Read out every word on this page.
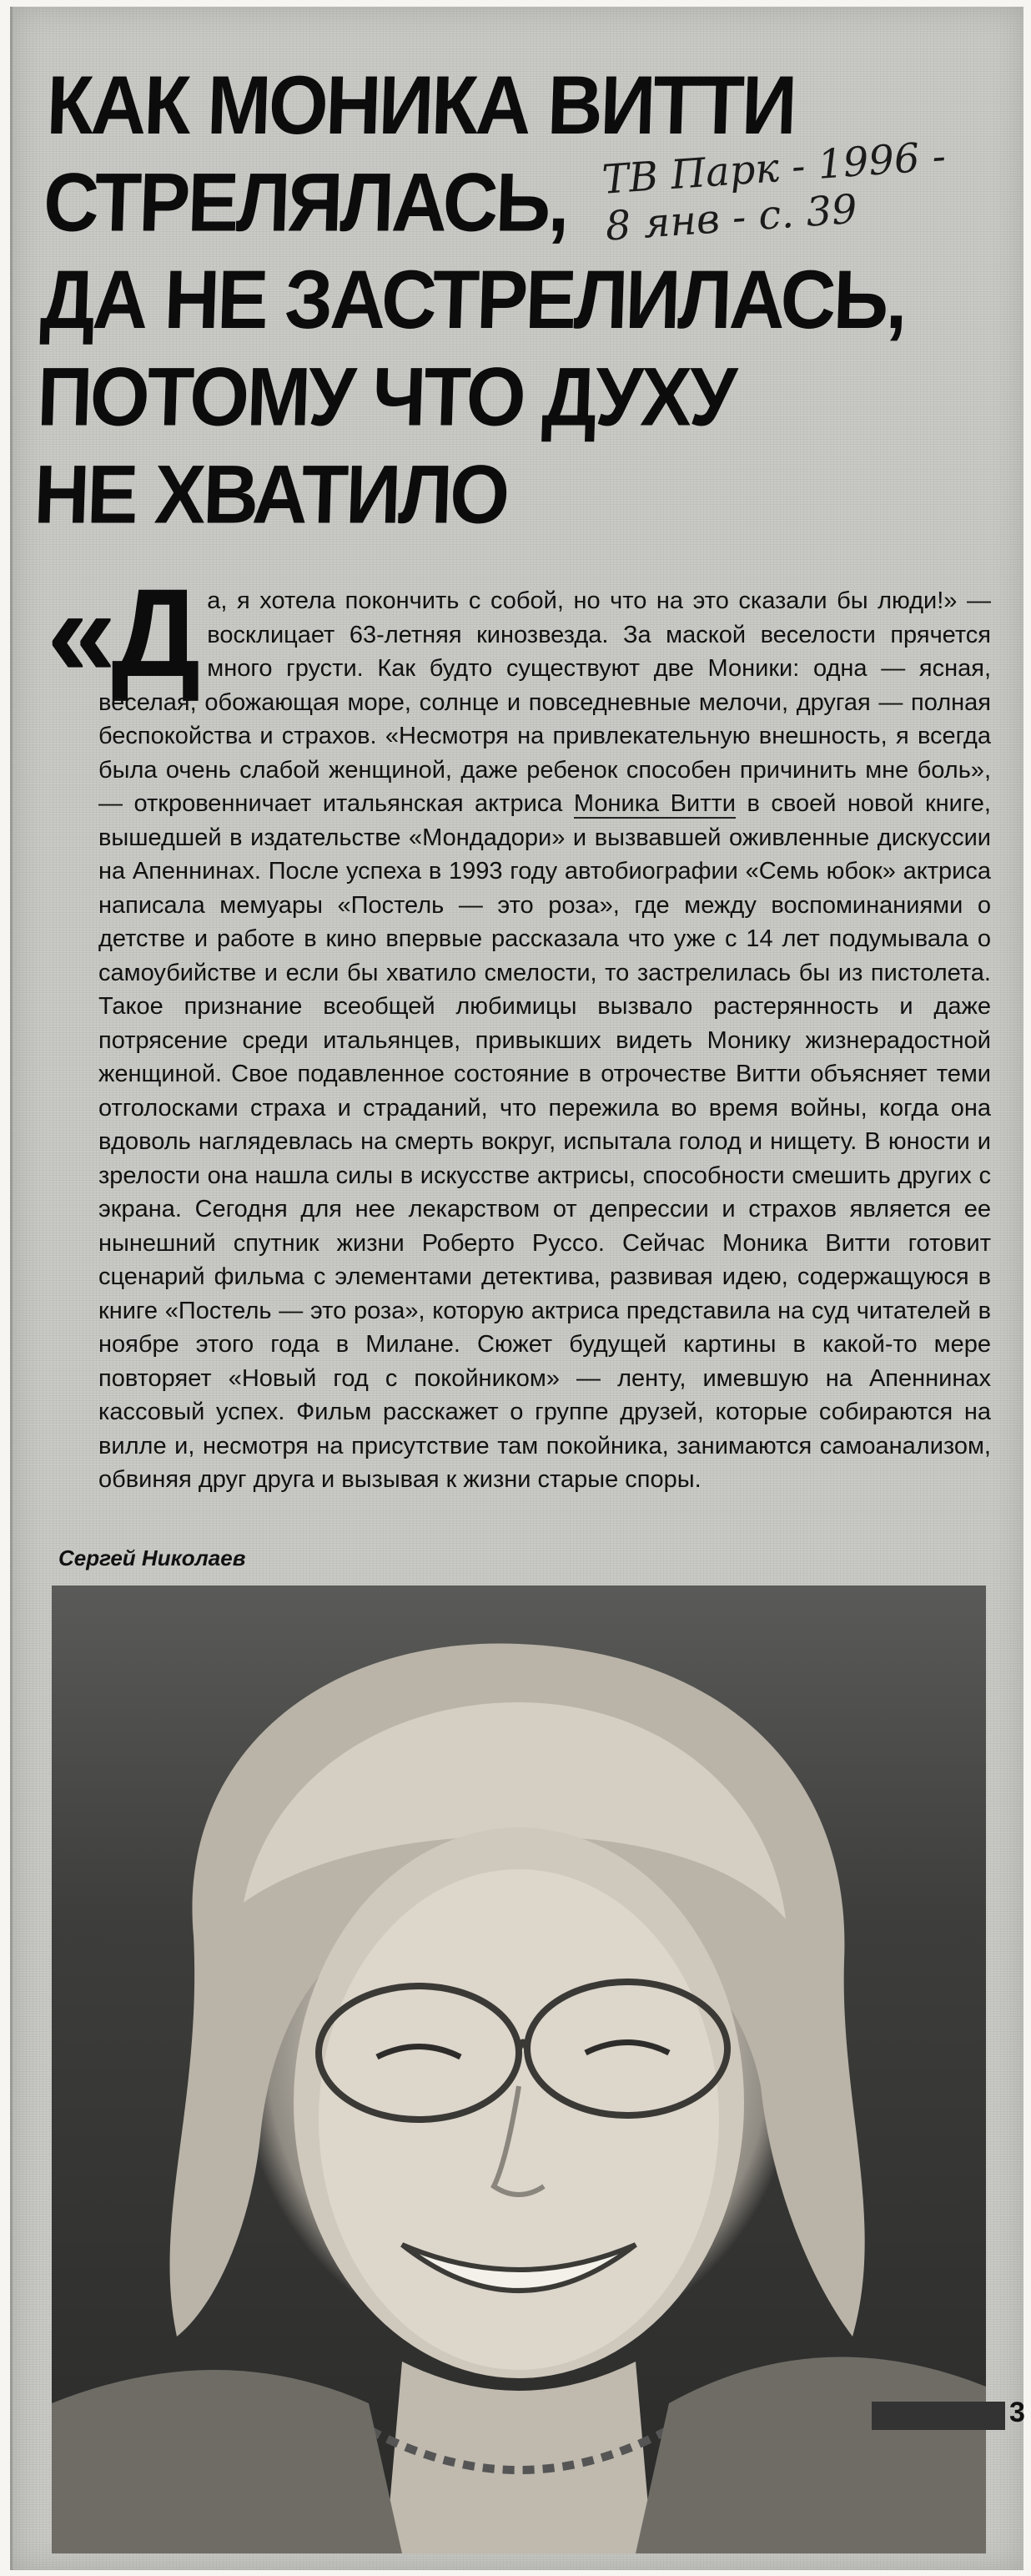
КАК МОНИКА ВИТТИ
СТРЕЛЯЛАСЬ,
ДА НЕ ЗАСТРЕЛИЛАСЬ,
ПОТОМУ ЧТО ДУХУ
НЕ ХВАТИЛО
ТВ Парк - 1996 -
8 янв - с. 39

«Да, я хотела покончить с собой, но что на это сказали бы люди!» — восклицает 63-летняя кинозвезда. За маской веселости прячется много грусти. Как будто существуют две Моники: одна — ясная, веселая, обожающая море, солнце и повседневные мелочи, другая — полная беспокойства и страхов. «Несмотря на привлекательную внешность, я всегда была очень слабой женщиной, даже ребенок способен причинить мне боль», — откровенничает итальянская актриса Моника Витти в своей новой книге, вышедшей в издательстве «Мондадори» и вызвавшей оживленные дискуссии на Апеннинах. После успеха в 1993 году автобиографии «Семь юбок» актриса написала мемуары «Постель — это роза», где между воспоминаниями о детстве и работе в кино впервые рассказала что уже с 14 лет подумывала о самоубийстве и если бы хватило смелости, то застрелилась бы из пистолета. Такое признание всеобщей любимицы вызвало растерянность и даже потрясение среди итальянцев, привыкших видеть Монику жизнерадостной женщиной. Свое подавленное состояние в отрочестве Витти объясняет теми отголосками страха и страданий, что пережила во время войны, когда она вдоволь наглядевлась на смерть вокруг, испытала голод и нищету. В юности и зрелости она нашла силы в искусстве актрисы, способности смешить других с экрана. Сегодня для нее лекарством от депрессии и страхов является ее нынешний спутник жизни Роберто Руссо. Сейчас Моника Витти готовит сценарий фильма с элементами детектива, развивая идею, содержащуюся в книге «Постель — это роза», которую актриса представила на суд читателей в ноябре этого года в Милане. Сюжет будущей картины в какой-то мере повторяет «Новый год с покойником» — ленту, имевшую на Апеннинах кассовый успех. Фильм расскажет о группе друзей, которые собираются на вилле и, несмотря на присутствие там покойника, занимаются самоанализом, обвиняя друг друга и вызывая к жизни старые споры.

Сергей Николаев
3
